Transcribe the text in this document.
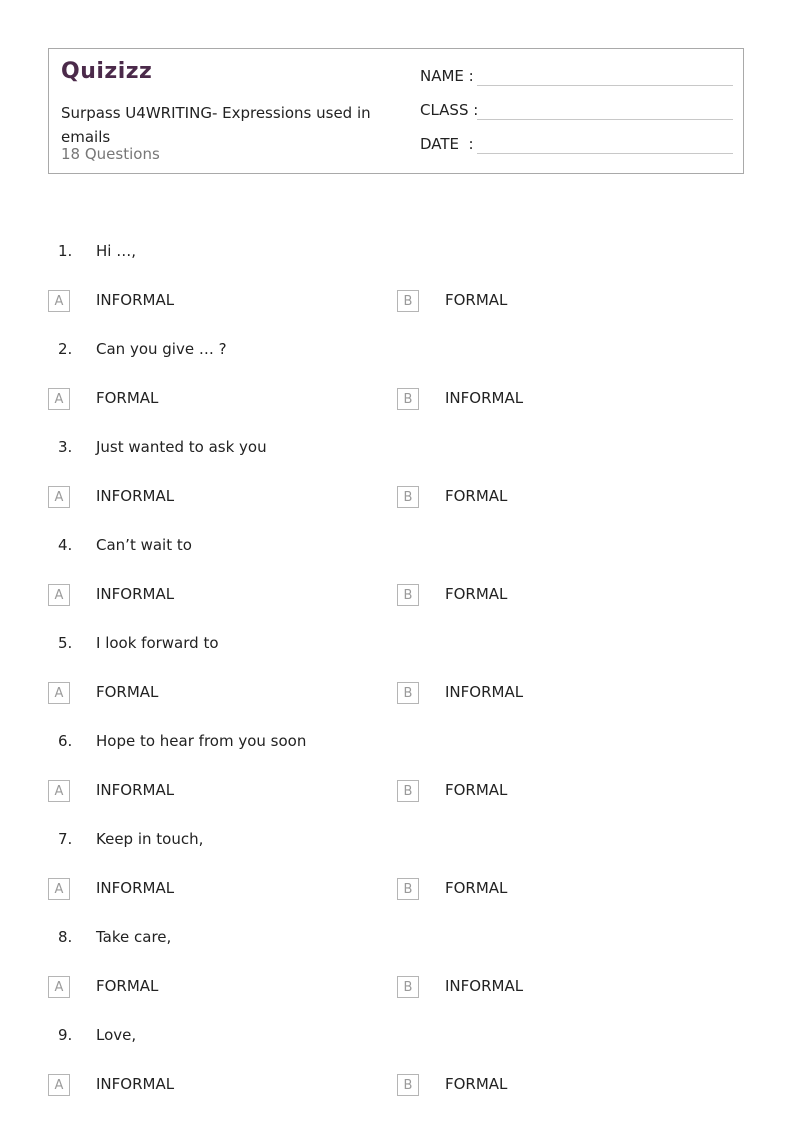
Quizizz
Surpass U4WRITING- Expressions used in emails
18 Questions
NAME :
CLASS :
DATE  :
1.	Hi …,
A	INFORMAL	B	FORMAL
2.	Can you give … ?
A	FORMAL	B	INFORMAL
3.	Just wanted to ask you
A	INFORMAL	B	FORMAL
4.	Can’t wait to
A	INFORMAL	B	FORMAL
5.	I look forward to
A	FORMAL	B	INFORMAL
6.	Hope to hear from you soon
A	INFORMAL	B	FORMAL
7.	Keep in touch,
A	INFORMAL	B	FORMAL
8.	Take care,
A	FORMAL	B	INFORMAL
9.	Love,
A	INFORMAL	B	FORMAL
